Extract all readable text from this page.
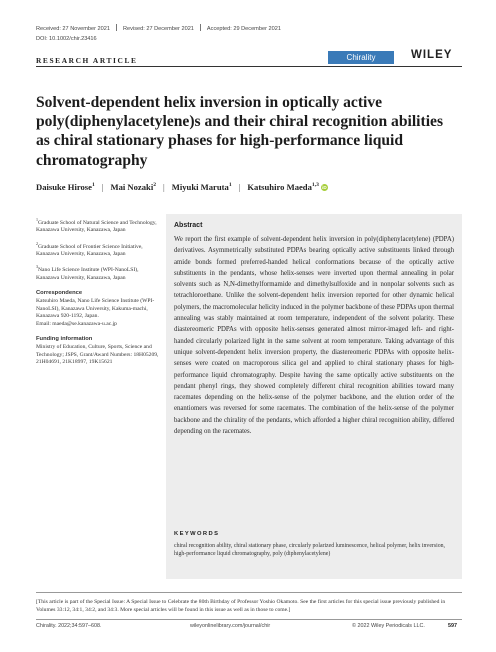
Received: 27 November 2021 Revised: 27 December 2021 Accepted: 29 December 2021
DOI: 10.1002/chir.23416
RESEARCH ARTICLE	Chirality	WILEY
Solvent-dependent helix inversion in optically active poly(diphenylacetylene)s and their chiral recognition abilities as chiral stationary phases for high-performance liquid chromatography
Daisuke Hirose$^1$ | Mai Nozaki$^2$ | Miyuki Maruta$^1$ | Katsuhiro Maeda$^{1,3}$ iD

$^1$Graduate School of Natural Science and Technology, Kanazawa University, Kanazawa, Japan

$^2$Graduate School of Frontier Science Initiative, Kanazawa University, Kanazawa, Japan

$^3$Nano Life Science Institute (WPI-NanoLSI), Kanazawa University, Kanazawa, Japan

Correspondence

Katsuhiro Maeda, Nano Life Science Institute (WPI-NanoLSI), Kanazawa University, Kakuma-machi, Kanazawa 920-1192, Japan.

Email: maeda@se.kanazawa-u.ac.jp

Funding information

Ministry of Education, Culture, Sports, Science and Technology; JSPS, Grant/Award Numbers: 18H05209, 21H04691, 21K18997, 19K15621

Abstract
We report the first example of solvent-dependent helix inversion in poly(diphenylacetylene) (PDPA) derivatives. Asymmetrically substituted PDPAs bearing optically active substituents linked through amide bonds formed preferred-handed helical conformations because of the optically active substituents in the pendants, whose helix-senses were inverted upon thermal annealing in polar solvents such as N,N-dimethylformamide and dimethylsulfoxide and in nonpolar solvents such as tetrachloroethane. Unlike the solvent-dependent helix inversion reported for other dynamic helical polymers, the macromolecular helicity induced in the polymer backbone of these PDPAs upon thermal annealing was stably maintained at room temperature, independent of the solvent polarity. These diastereomeric PDPAs with opposite helix-senses generated almost mirror-imaged left- and right-handed circularly polarized light in the same solvent at room temperature. Taking advantage of this unique solvent-dependent helix inversion property, the diastereomeric PDPAs with opposite helix-senses were coated on macroporous silica gel and applied to chiral stationary phases for high-performance liquid chromatography. Despite having the same optically active substituents on the pendant phenyl rings, they showed completely different chiral recognition abilities toward many racemates depending on the helix-sense of the polymer backbone, and the elution order of the enantiomers was reversed for some racemates. The combination of the helix-sense of the polymer backbone and the chirality of the pendants, which afforded a higher chiral recognition ability, differed depending on the racemates.
KEYWORDS
chiral recognition ability, chiral stationary phase, circularly polarized luminescence, helical polymer, helix inversion, high-performance liquid chromatography, poly (diphenylacetylene)
[This article is part of the Special Issue: A Special Issue to Celebrate the 80th Birthday of Professor Yoshio Okamoto. See the first articles for this special issue previously published in Volumes 33:12, 34:1, 34:2, and 34:3. More special articles will be found in this issue as well as in those to come.]
Chirality. 2022;34:597–608.	wileyonlinelibrary.com/journal/chir	© 2022 Wiley Periodicals LLC.	597
